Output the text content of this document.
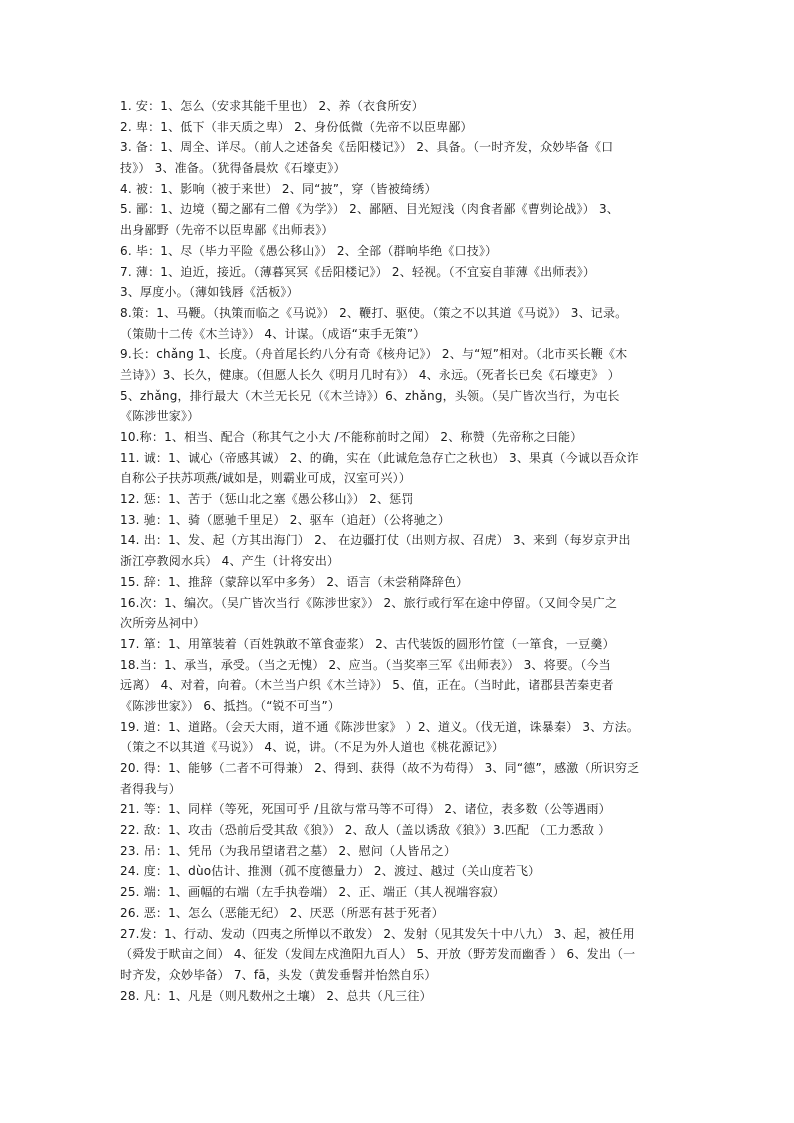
1. 安：1、怎么（安求其能千里也） 2、养（衣食所安）
2. 卑：1、低下（非天质之卑） 2、身份低微（先帝不以臣卑鄙）
3. 备：1、周全、详尽。（前人之述备矣《岳阳楼记》） 2、具备。（一时齐发，众妙毕备《口
技》） 3、准备。（犹得备晨炊《石壕吏》）
4. 被：1、影响（被于来世） 2、同“披”，穿（皆被绮绣）
5. 鄙：1、边境（蜀之鄙有二僧《为学》） 2、鄙陋、目光短浅（肉食者鄙《曹刿论战》） 3、
出身鄙野（先帝不以臣卑鄙《出师表》）
6. 毕：1、尽（毕力平险《愚公移山》） 2、全部（群响毕绝《口技》）
7. 薄：1、迫近，接近。（薄暮冥冥《岳阳楼记》） 2、轻视。（不宜妄自菲薄《出师表》）
3、厚度小。（薄如钱唇《活板》）
8.策：1、马鞭。（执策而临之《马说》） 2、鞭打、驱使。（策之不以其道《马说》） 3、记录。
（策勋十二传《木兰诗》） 4、计谋。（成语“束手无策”）
9.长：chǎng 1、长度。（舟首尾长约八分有奇《核舟记》） 2、与“短”相对。（北市买长鞭《木
兰诗》）3、长久，健康。（但愿人长久《明月几时有》） 4、永远。（死者长已矣《石壕吏》 ）
5、zhǎng，排行最大（木兰无长兄（《木兰诗》）6、zhǎng，头领。（吴广皆次当行，为屯长
《陈涉世家》）
10.称：1、相当、配合（称其气之小大 /不能称前时之闻） 2、称赞（先帝称之曰能）
11. 诚：1、诚心（帝感其诚） 2、的确，实在（此诚危急存亡之秋也） 3、果真（今诚以吾众诈
自称公子扶苏项燕/诚如是，则霸业可成，汉室可兴））
12. 惩：1、苦于（惩山北之塞《愚公移山》） 2、惩罚
13. 驰：1、骑（愿驰千里足） 2、驱车（追赶）（公将驰之）
14. 出：1、发、起（方其出海门） 2、 在边疆打仗（出则方叔、召虎） 3、来到（每岁京尹出
浙江亭教阅水兵） 4、产生（计将安出）
15. 辞：1、推辞（蒙辞以军中多务） 2、语言（未尝稍降辞色）
16.次：1、编次。（吴广皆次当行《陈涉世家》） 2、旅行或行军在途中停留。（又间令吴广之
次所旁丛祠中）
17. 箪：1、用箪装着（百姓孰敢不箪食壶浆） 2、古代装饭的圆形竹筐（一箪食，一豆羹）
18.当：1、承当，承受。（当之无愧） 2、应当。（当奖率三军《出师表》） 3、将要。（今当
远离） 4、对着，向着。（木兰当户织《木兰诗》） 5、值，正在。（当时此，诸郡县苦秦吏者
《陈涉世家》） 6、抵挡。（“锐不可当”）
19. 道：1、道路。（会天大雨，道不通《陈涉世家》 ）2、道义。（伐无道，诛暴秦） 3、方法。
（策之不以其道《马说》） 4、说，讲。（不足为外人道也《桃花源记》）
20. 得：1、能够（二者不可得兼） 2、得到、获得（故不为苟得） 3、同“德”，感激（所识穷乏
者得我与）
21. 等：1、同样（等死，死国可乎 /且欲与常马等不可得） 2、诸位，表多数（公等遇雨）
22. 敌：1、攻击（恐前后受其敌《狼》） 2、敌人（盖以诱敌《狼》）3.匹配 （工力悉敌 ）
23. 吊：1、凭吊（为我吊望诸君之墓） 2、慰问（人皆吊之）
24. 度：1、dùo估计、推测（孤不度德量力） 2、渡过、越过（关山度若飞）
25. 端：1、画幅的右端（左手执卷端） 2、正、端正（其人视端容寂）
26. 恶：1、怎么（恶能无纪） 2、厌恶（所恶有甚于死者）
27.发：1、行动、发动（四夷之所惮以不敢发） 2、发射（见其发矢十中八九） 3、起，被任用
（舜发于畎亩之间） 4、征发（发闾左戍渔阳九百人） 5、开放（野芳发而幽香 ） 6、发出（一
时齐发，众妙毕备） 7、fā，头发（黄发垂髫并怡然自乐）
28. 凡：1、凡是（则凡数州之土壤） 2、总共（凡三往）
